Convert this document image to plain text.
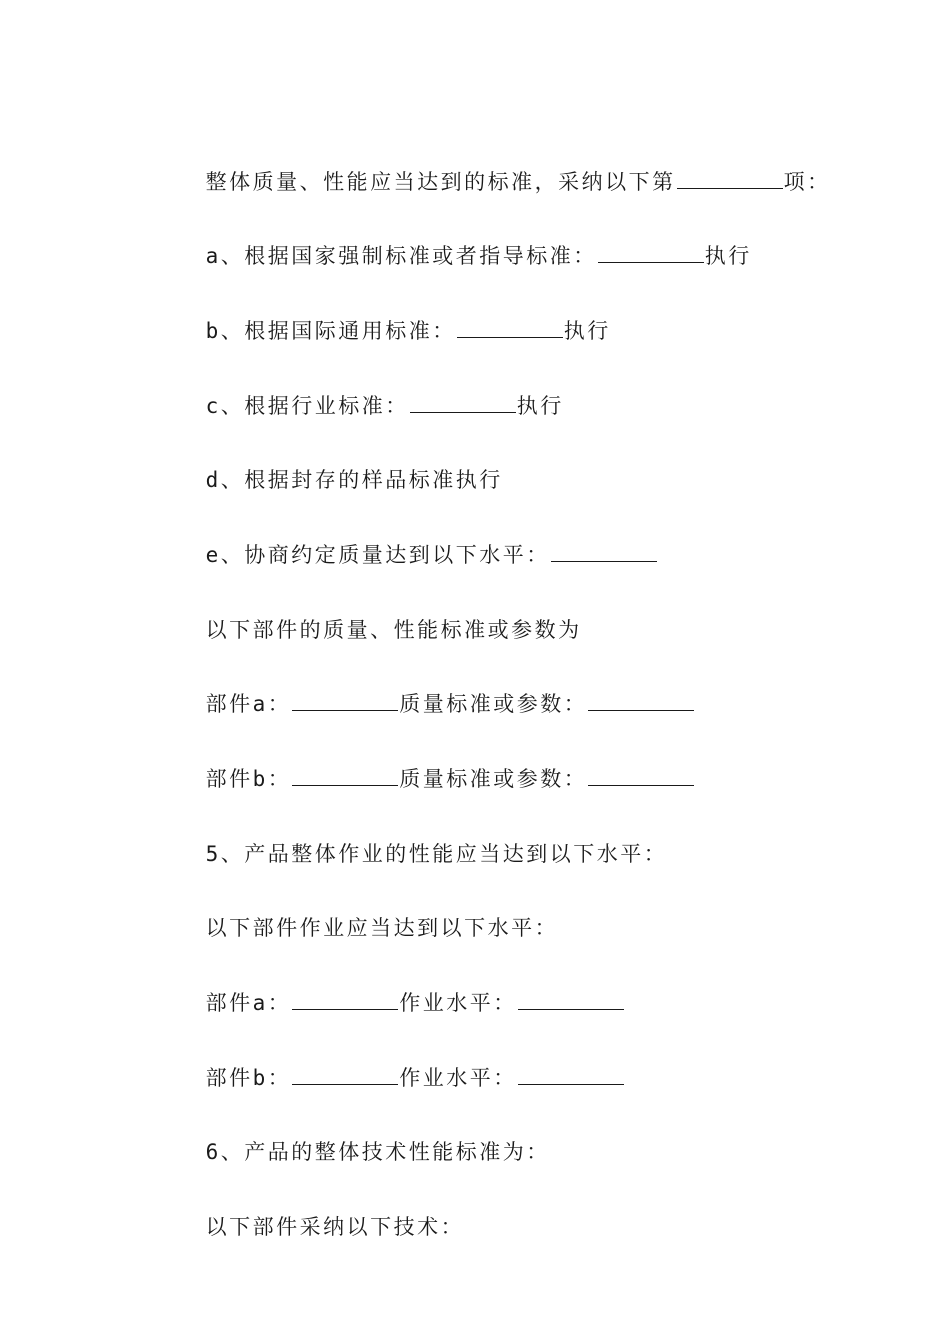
整体质量、性能应当达到的标准，采纳以下第	项：

a、根据国家强制标准或者指导标准：	执行

b、根据国际通用标准：	执行

c、根据行业标准：	执行

d、根据封存的样品标准执行

e、协商约定质量达到以下水平：

以下部件的质量、性能标准或参数为

部件a：	质量标准或参数：

部件b：	质量标准或参数：

5、产品整体作业的性能应当达到以下水平：

以下部件作业应当达到以下水平：

部件a：	作业水平：

部件b：	作业水平：

6、产品的整体技术性能标准为：

以下部件采纳以下技术：
